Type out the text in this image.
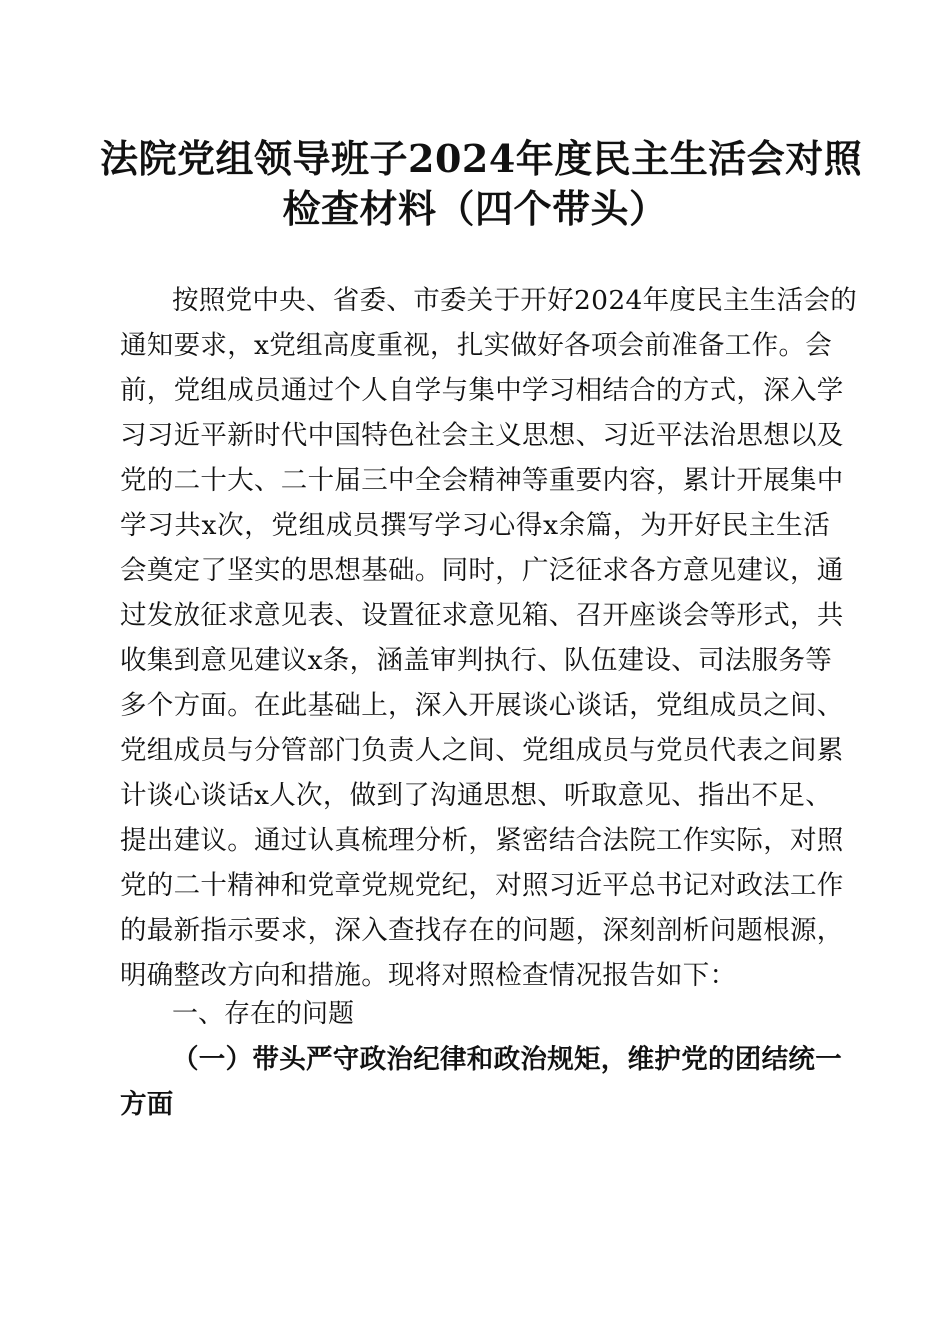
法院党组领导班子2024年度民主生活会对照
检查材料（四个带头）

按照党中央、省委、市委关于开好2024年度民主生活会的
通知要求，x党组高度重视，扎实做好各项会前准备工作。会
前，党组成员通过个人自学与集中学习相结合的方式，深入学
习习近平新时代中国特色社会主义思想、习近平法治思想以及
党的二十大、二十届三中全会精神等重要内容，累计开展集中
学习共x次，党组成员撰写学习心得x余篇，为开好民主生活
会奠定了坚实的思想基础。同时，广泛征求各方意见建议，通
过发放征求意见表、设置征求意见箱、召开座谈会等形式，共
收集到意见建议x条，涵盖审判执行、队伍建设、司法服务等
多个方面。在此基础上，深入开展谈心谈话，党组成员之间、
党组成员与分管部门负责人之间、党组成员与党员代表之间累
计谈心谈话x人次，做到了沟通思想、听取意见、指出不足、
提出建议。通过认真梳理分析，紧密结合法院工作实际，对照
党的二十精神和党章党规党纪，对照习近平总书记对政法工作
的最新指示要求，深入查找存在的问题，深刻剖析问题根源，
明确整改方向和措施。现将对照检查情况报告如下：

一、存在的问题
（一）带头严守政治纪律和政治规矩，维护党的团结统一
方面
